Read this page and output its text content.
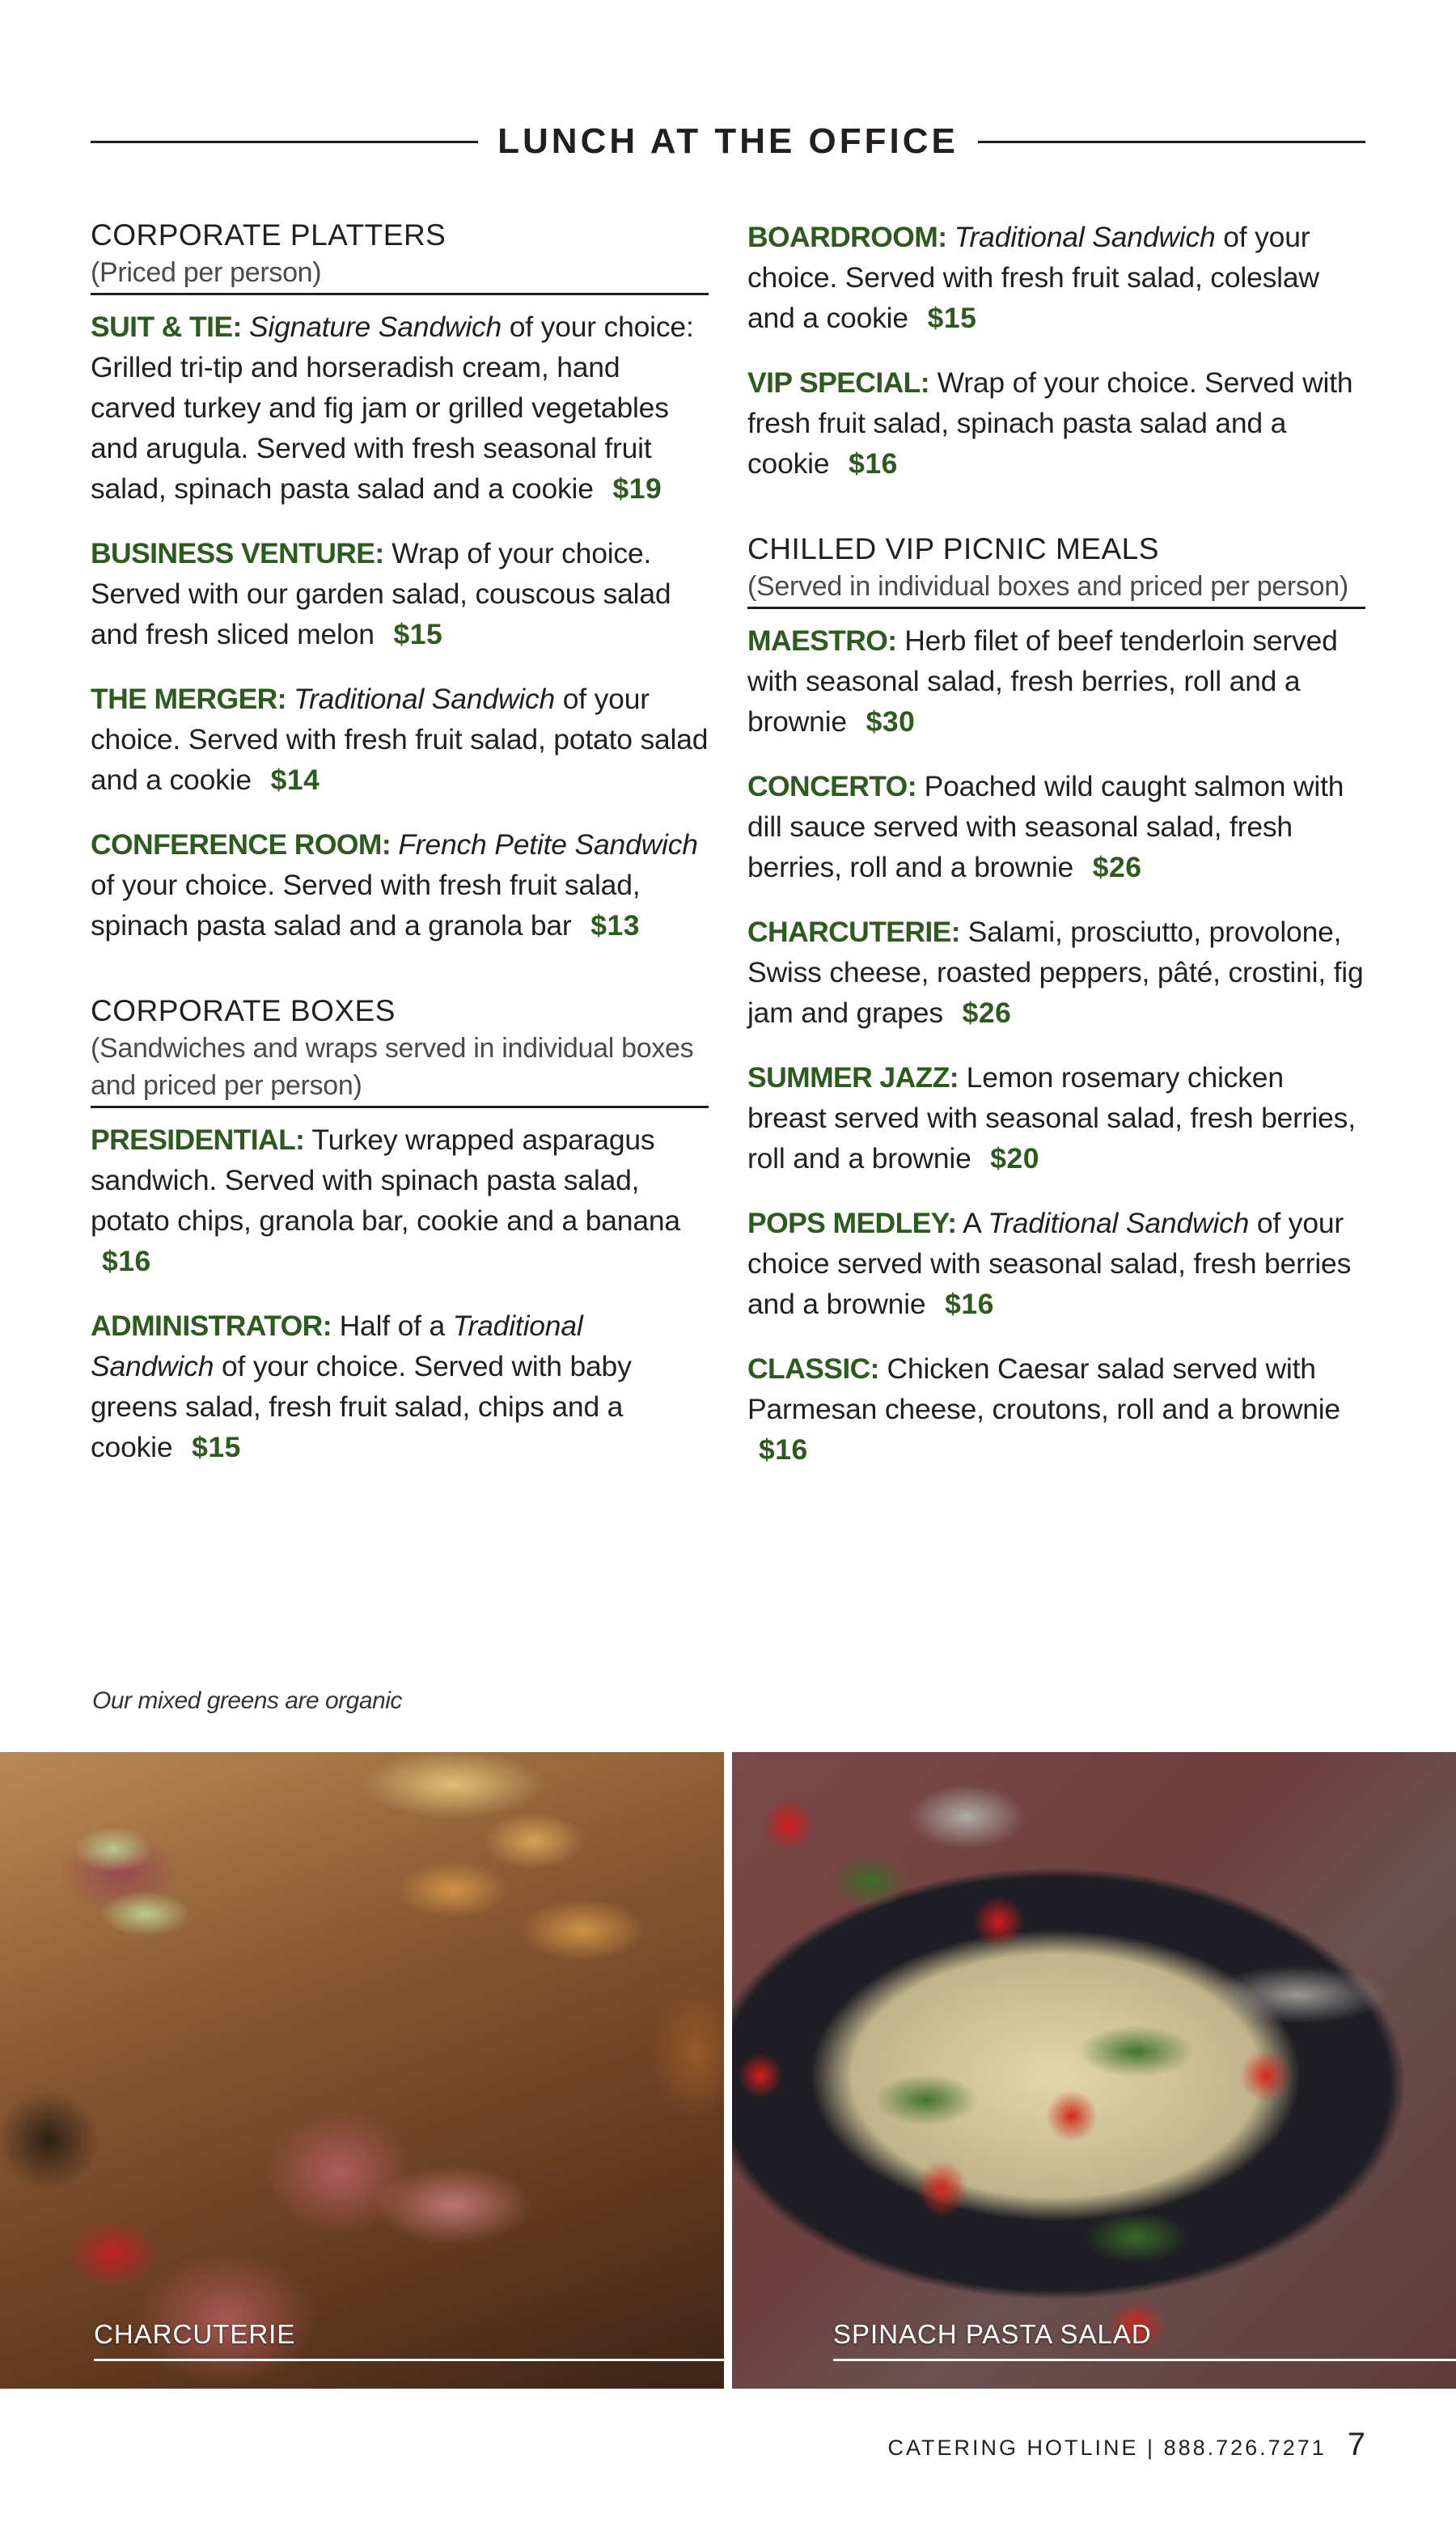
LUNCH AT THE OFFICE
CORPORATE PLATTERS
(Priced per person)
SUIT & TIE: Signature Sandwich of your choice: Grilled tri-tip and horseradish cream, hand carved turkey and fig jam or grilled vegetables and arugula. Served with fresh seasonal fruit salad, spinach pasta salad and a cookie $19
BUSINESS VENTURE: Wrap of your choice. Served with our garden salad, couscous salad and fresh sliced melon $15
THE MERGER: Traditional Sandwich of your choice. Served with fresh fruit salad, potato salad and a cookie $14
CONFERENCE ROOM: French Petite Sandwich of your choice. Served with fresh fruit salad, spinach pasta salad and a granola bar $13
CORPORATE BOXES
(Sandwiches and wraps served in individual boxes and priced per person)
PRESIDENTIAL: Turkey wrapped asparagus sandwich. Served with spinach pasta salad, potato chips, granola bar, cookie and a banana $16
ADMINISTRATOR: Half of a Traditional Sandwich of your choice. Served with baby greens salad, fresh fruit salad, chips and a cookie $15
BOARDROOM: Traditional Sandwich of your choice. Served with fresh fruit salad, coleslaw and a cookie $15
VIP SPECIAL: Wrap of your choice. Served with fresh fruit salad, spinach pasta salad and a cookie $16
CHILLED VIP PICNIC MEALS
(Served in individual boxes and priced per person)
MAESTRO: Herb filet of beef tenderloin served with seasonal salad, fresh berries, roll and a brownie $30
CONCERTO: Poached wild caught salmon with dill sauce served with seasonal salad, fresh berries, roll and a brownie $26
CHARCUTERIE: Salami, prosciutto, provolone, Swiss cheese, roasted peppers, pâté, crostini, fig jam and grapes $26
SUMMER JAZZ: Lemon rosemary chicken breast served with seasonal salad, fresh berries, roll and a brownie $20
POPS MEDLEY: A Traditional Sandwich of your choice served with seasonal salad, fresh berries and a brownie $16
CLASSIC: Chicken Caesar salad served with Parmesan cheese, croutons, roll and a brownie $16
Our mixed greens are organic
CHARCUTERIE	SPINACH PASTA SALAD
CATERING HOTLINE | 888.726.7271 7
